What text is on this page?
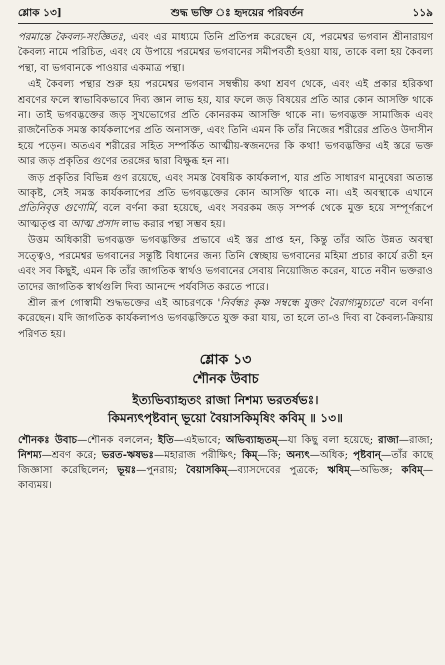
শ্লোক ১৩]	শুদ্ধ ভক্তি ঃ হৃদয়ের পরিবর্তন	১১৯

পরমান্তে কৈবল্য-সংজ্ঞিতঃ, এবং এর মাধ্যমে তিনি প্রতিপন্ন করেছেন যে, পরমেশ্বর ভগবান শ্রীনারায়ণ কৈবল্য নামে পরিচিত, এবং যে উপায়ে পরমেশ্বর ভগবানের সমীপবর্তী হওয়া যায়, তাকে বলা হয় কৈবল্য পন্থা, বা ভগবানকে পাওয়ার একমাত্র পন্থা।

এই কৈবল্য পন্থার শুরু হয় পরমেশ্বর ভগবান সম্বন্ধীয় কথা শ্রবণ থেকে, এবং এই প্রকার হরিকথা শ্রবণের ফলে স্বাভাবিকভাবে দিব্য জ্ঞান লাভ হয়, যার ফলে জড় বিষয়ের প্রতি আর কোন আসক্তি থাকে না। তাই ভগবদ্ভক্তের জড় সুখভোগের প্রতি কোনরকম আসক্তি থাকে না। ভগবদ্ভক্ত সামাজিক এবং রাজনৈতিক সমস্ত কার্যকলাপের প্রতি অনাসক্ত, এবং তিনি এমন কি তাঁর নিজের শরীরের প্রতিও উদাসীন হয়ে পড়েন। অতএব শরীরের সহিত সম্পর্কিত আত্মীয়-স্বজনদের কি কথা! ভগবদ্ভক্তির এই স্তরে ভক্ত আর জড় প্রকৃতির গুণের তরঙ্গের দ্বারা বিক্ষুব্ধ হন না।

জড় প্রকৃতির বিভিন্ন গুণ রয়েছে, এবং সমস্ত বৈষয়িক কার্যকলাপ, যার প্রতি সাধারণ মানুষেরা অত্যন্ত আকৃষ্ট, সেই সমস্ত কার্যকলাপের প্রতি ভগবদ্ভক্তের কোন আসক্তি থাকে না। এই অবস্থাকে এখানে প্রতিনিবৃত্ত গুণোর্মি, বলে বর্ণনা করা হয়েছে, এবং সবরকম জড় সম্পর্ক থেকে মুক্ত হয়ে সম্পূর্ণরূপে আত্মতৃপ্ত বা আত্ম প্রসাদ লাভ করার পন্থা সম্ভব হয়।

উত্তম অধিকারী ভগবদ্ভক্ত ভগবদ্ভক্তির প্রভাবে এই স্তর প্রাপ্ত হন, কিন্তু তাঁর অতি উন্নত অবস্থা সত্ত্বেও, পরমেশ্বর ভগবানের সন্তুষ্টি বিধানের জন্য তিনি স্বেচ্ছায় ভগবানের মহিমা প্রচার কার্যে রতী হন এবং সব কিছুই, এমন কি তাঁর জাগতিক স্বার্থও ভগবানের সেবায় নিয়োজিত করেন, যাতে নবীন ভক্তরাও তাদের জাগতিক স্বার্থগুলি দিব্য আনন্দে পর্যবসিত করতে পারে।

শ্রীল রূপ গোস্বামী শুদ্ধভক্তের এই আচরণকে 'নির্বন্ধঃ কৃষ্ণ সম্বন্ধে যুক্তং বৈরাগ্যমুচ্যতে' বলে বর্ণনা করেছেন। যদি জাগতিক কার্যকলাপও ভগবদ্ভক্তিতে যুক্ত করা যায়, তা হলে তা-ও দিব্য বা কৈবল্য-ক্রিয়ায় পরিণত হয়।

শ্লোক ১৩
শৌনক উবাচ
ইত্যভিব্যাহৃতং রাজা নিশম্য ভরতর্ষভঃ।
কিমন্যৎপৃষ্টবান্ ভূয়ো বৈয়াসকিমৃষিং কবিম্ ॥ ১৩॥
শৌনকঃ উবাচ—শৌনক বললেন; ইতি—এইভাবে; অভিব্যাহৃতম্—যা কিছু বলা হয়েছে; রাজা—রাজা; নিশম্য—শ্রবণ করে; ভরত-ঋষভঃ—মহারাজ পরীক্ষিৎ; কিম্—কি; অন্যৎ—অধিক; পৃষ্টবান্—তাঁর কাছে জিজ্ঞাসা করেছিলেন; ভূয়ঃ—পুনরায়; বৈয়াসকিম্—ব্যাসদেবের পুত্রকে; ঋষিম্—অভিজ্ঞ; কবিম্—কাব্যময়।
